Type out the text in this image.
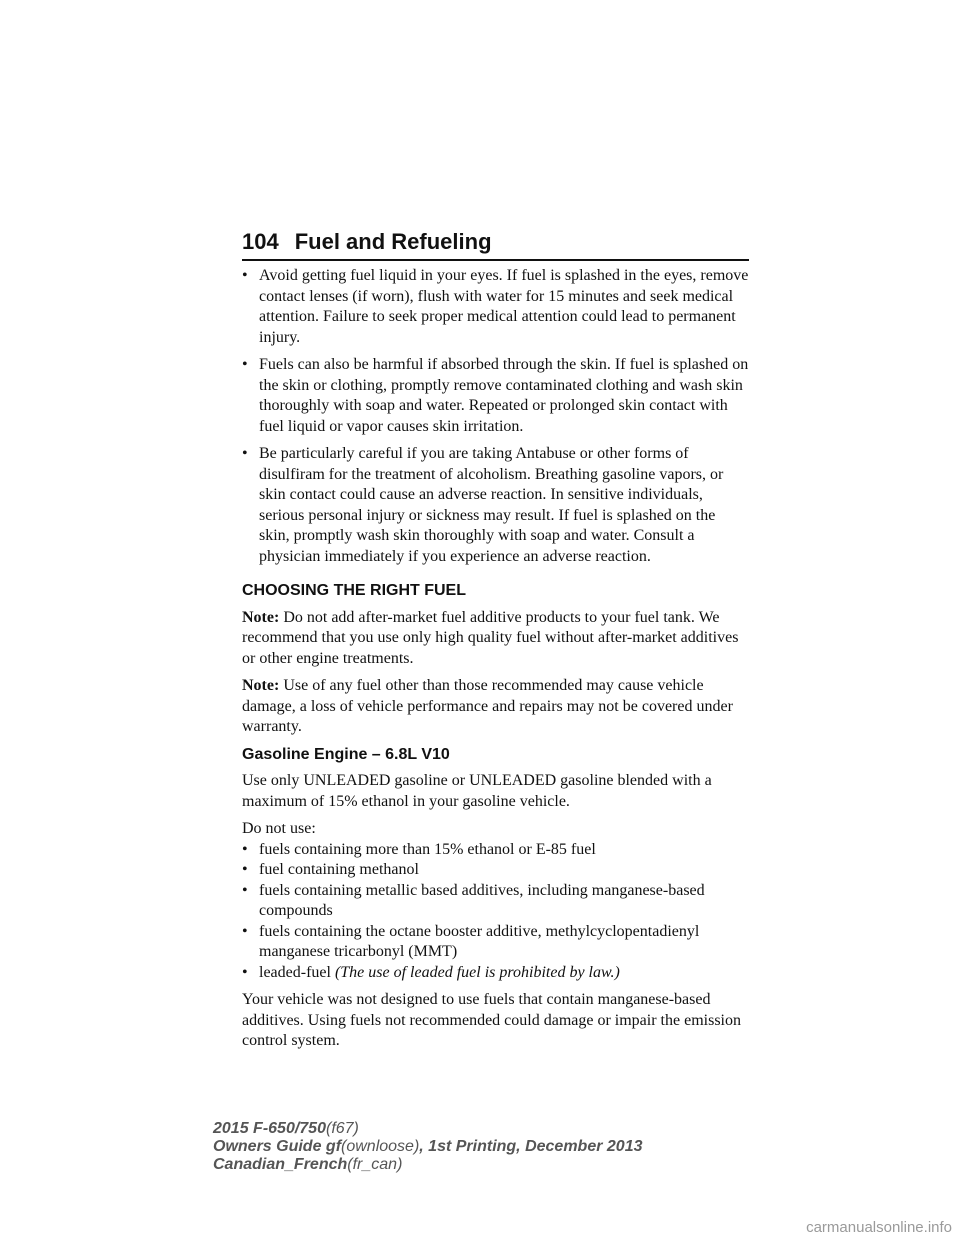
104 Fuel and Refueling
• Avoid getting fuel liquid in your eyes. If fuel is splashed in the eyes, remove contact lenses (if worn), flush with water for 15 minutes and seek medical attention. Failure to seek proper medical attention could lead to permanent injury.
• Fuels can also be harmful if absorbed through the skin. If fuel is splashed on the skin or clothing, promptly remove contaminated clothing and wash skin thoroughly with soap and water. Repeated or prolonged skin contact with fuel liquid or vapor causes skin irritation.
• Be particularly careful if you are taking Antabuse or other forms of disulfiram for the treatment of alcoholism. Breathing gasoline vapors, or skin contact could cause an adverse reaction. In sensitive individuals, serious personal injury or sickness may result. If fuel is splashed on the skin, promptly wash skin thoroughly with soap and water. Consult a physician immediately if you experience an adverse reaction.
CHOOSING THE RIGHT FUEL

Note: Do not add after-market fuel additive products to your fuel tank. We recommend that you use only high quality fuel without after-market additives or other engine treatments.

Note: Use of any fuel other than those recommended may cause vehicle damage, a loss of vehicle performance and repairs may not be covered under warranty.

Gasoline Engine – 6.8L V10

Use only UNLEADED gasoline or UNLEADED gasoline blended with a maximum of 15% ethanol in your gasoline vehicle.

Do not use:
• fuels containing more than 15% ethanol or E-85 fuel
• fuel containing methanol
• fuels containing metallic based additives, including manganese-based compounds
• fuels containing the octane booster additive, methylcyclopentadienyl manganese tricarbonyl (MMT)
• leaded-fuel (The use of leaded fuel is prohibited by law.)

Your vehicle was not designed to use fuels that contain manganese-based additives. Using fuels not recommended could damage or impair the emission control system.

2015 F-650/750(f67)
Owners Guide gf(ownloose), 1st Printing, December 2013
Canadian_French(fr_can)
carmanualsonline.info
